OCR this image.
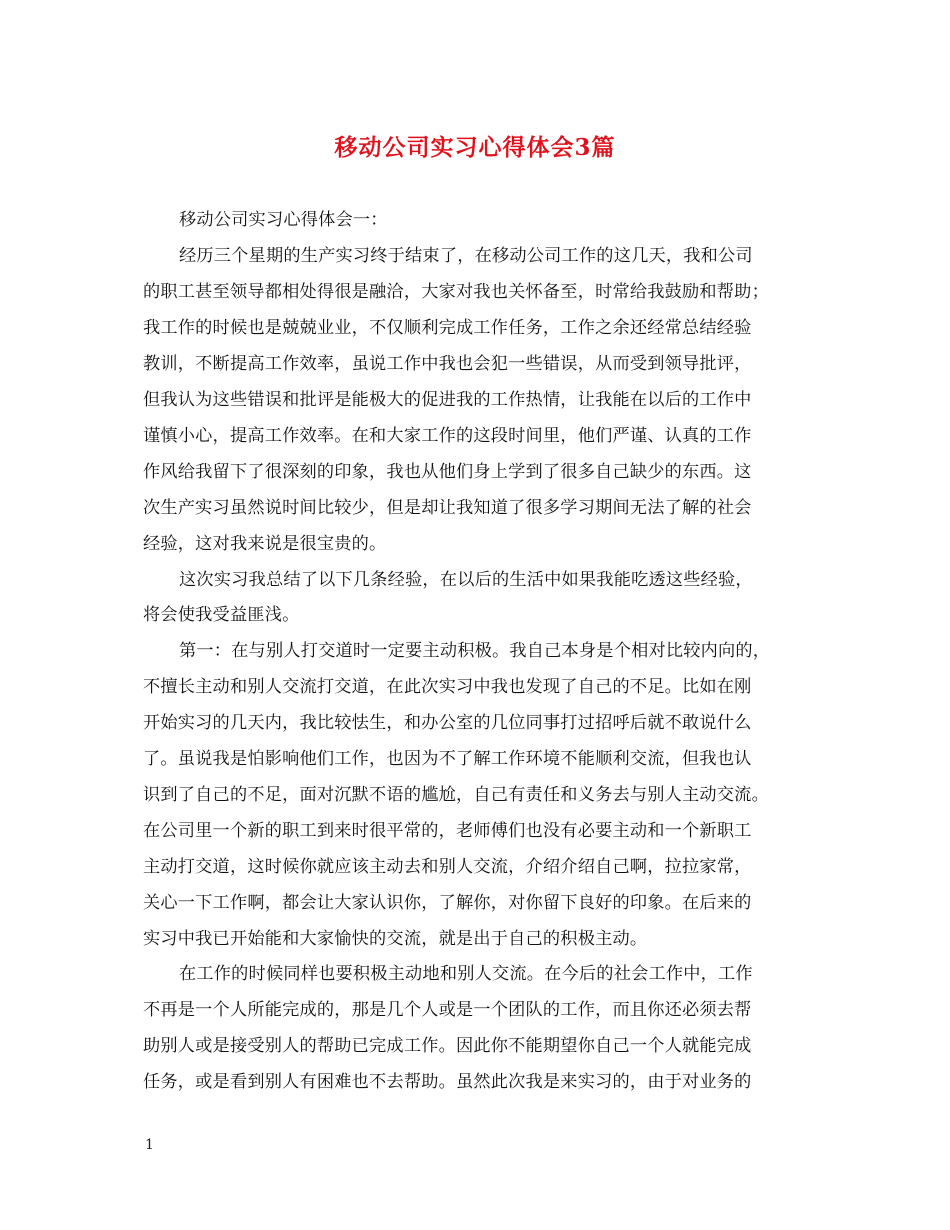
移动公司实习心得体会3篇
移动公司实习心得体会一：
经历三个星期的生产实习终于结束了，在移动公司工作的这几天，我和公司
的职工甚至领导都相处得很是融洽，大家对我也关怀备至，时常给我鼓励和帮助；
我工作的时候也是兢兢业业，不仅顺利完成工作任务，工作之余还经常总结经验
教训，不断提高工作效率，虽说工作中我也会犯一些错误，从而受到领导批评，
但我认为这些错误和批评是能极大的促进我的工作热情，让我能在以后的工作中
谨慎小心，提高工作效率。在和大家工作的这段时间里，他们严谨、认真的工作
作风给我留下了很深刻的印象，我也从他们身上学到了很多自己缺少的东西。这
次生产实习虽然说时间比较少，但是却让我知道了很多学习期间无法了解的社会
经验，这对我来说是很宝贵的。
这次实习我总结了以下几条经验，在以后的生活中如果我能吃透这些经验，
将会使我受益匪浅。
第一：在与别人打交道时一定要主动积极。我自己本身是个相对比较内向的，
不擅长主动和别人交流打交道，在此次实习中我也发现了自己的不足。比如在刚
开始实习的几天内，我比较怯生，和办公室的几位同事打过招呼后就不敢说什么
了。虽说我是怕影响他们工作，也因为不了解工作环境不能顺利交流，但我也认
识到了自己的不足，面对沉默不语的尴尬，自己有责任和义务去与别人主动交流。
在公司里一个新的职工到来时很平常的，老师傅们也没有必要主动和一个新职工
主动打交道，这时候你就应该主动去和别人交流，介绍介绍自己啊，拉拉家常，
关心一下工作啊，都会让大家认识你，了解你，对你留下良好的印象。在后来的
实习中我已开始能和大家愉快的交流，就是出于自己的积极主动。
在工作的时候同样也要积极主动地和别人交流。在今后的社会工作中，工作
不再是一个人所能完成的，那是几个人或是一个团队的工作，而且你还必须去帮
助别人或是接受别人的帮助已完成工作。因此你不能期望你自己一个人就能完成
任务，或是看到别人有困难也不去帮助。虽然此次我是来实习的，由于对业务的
1
